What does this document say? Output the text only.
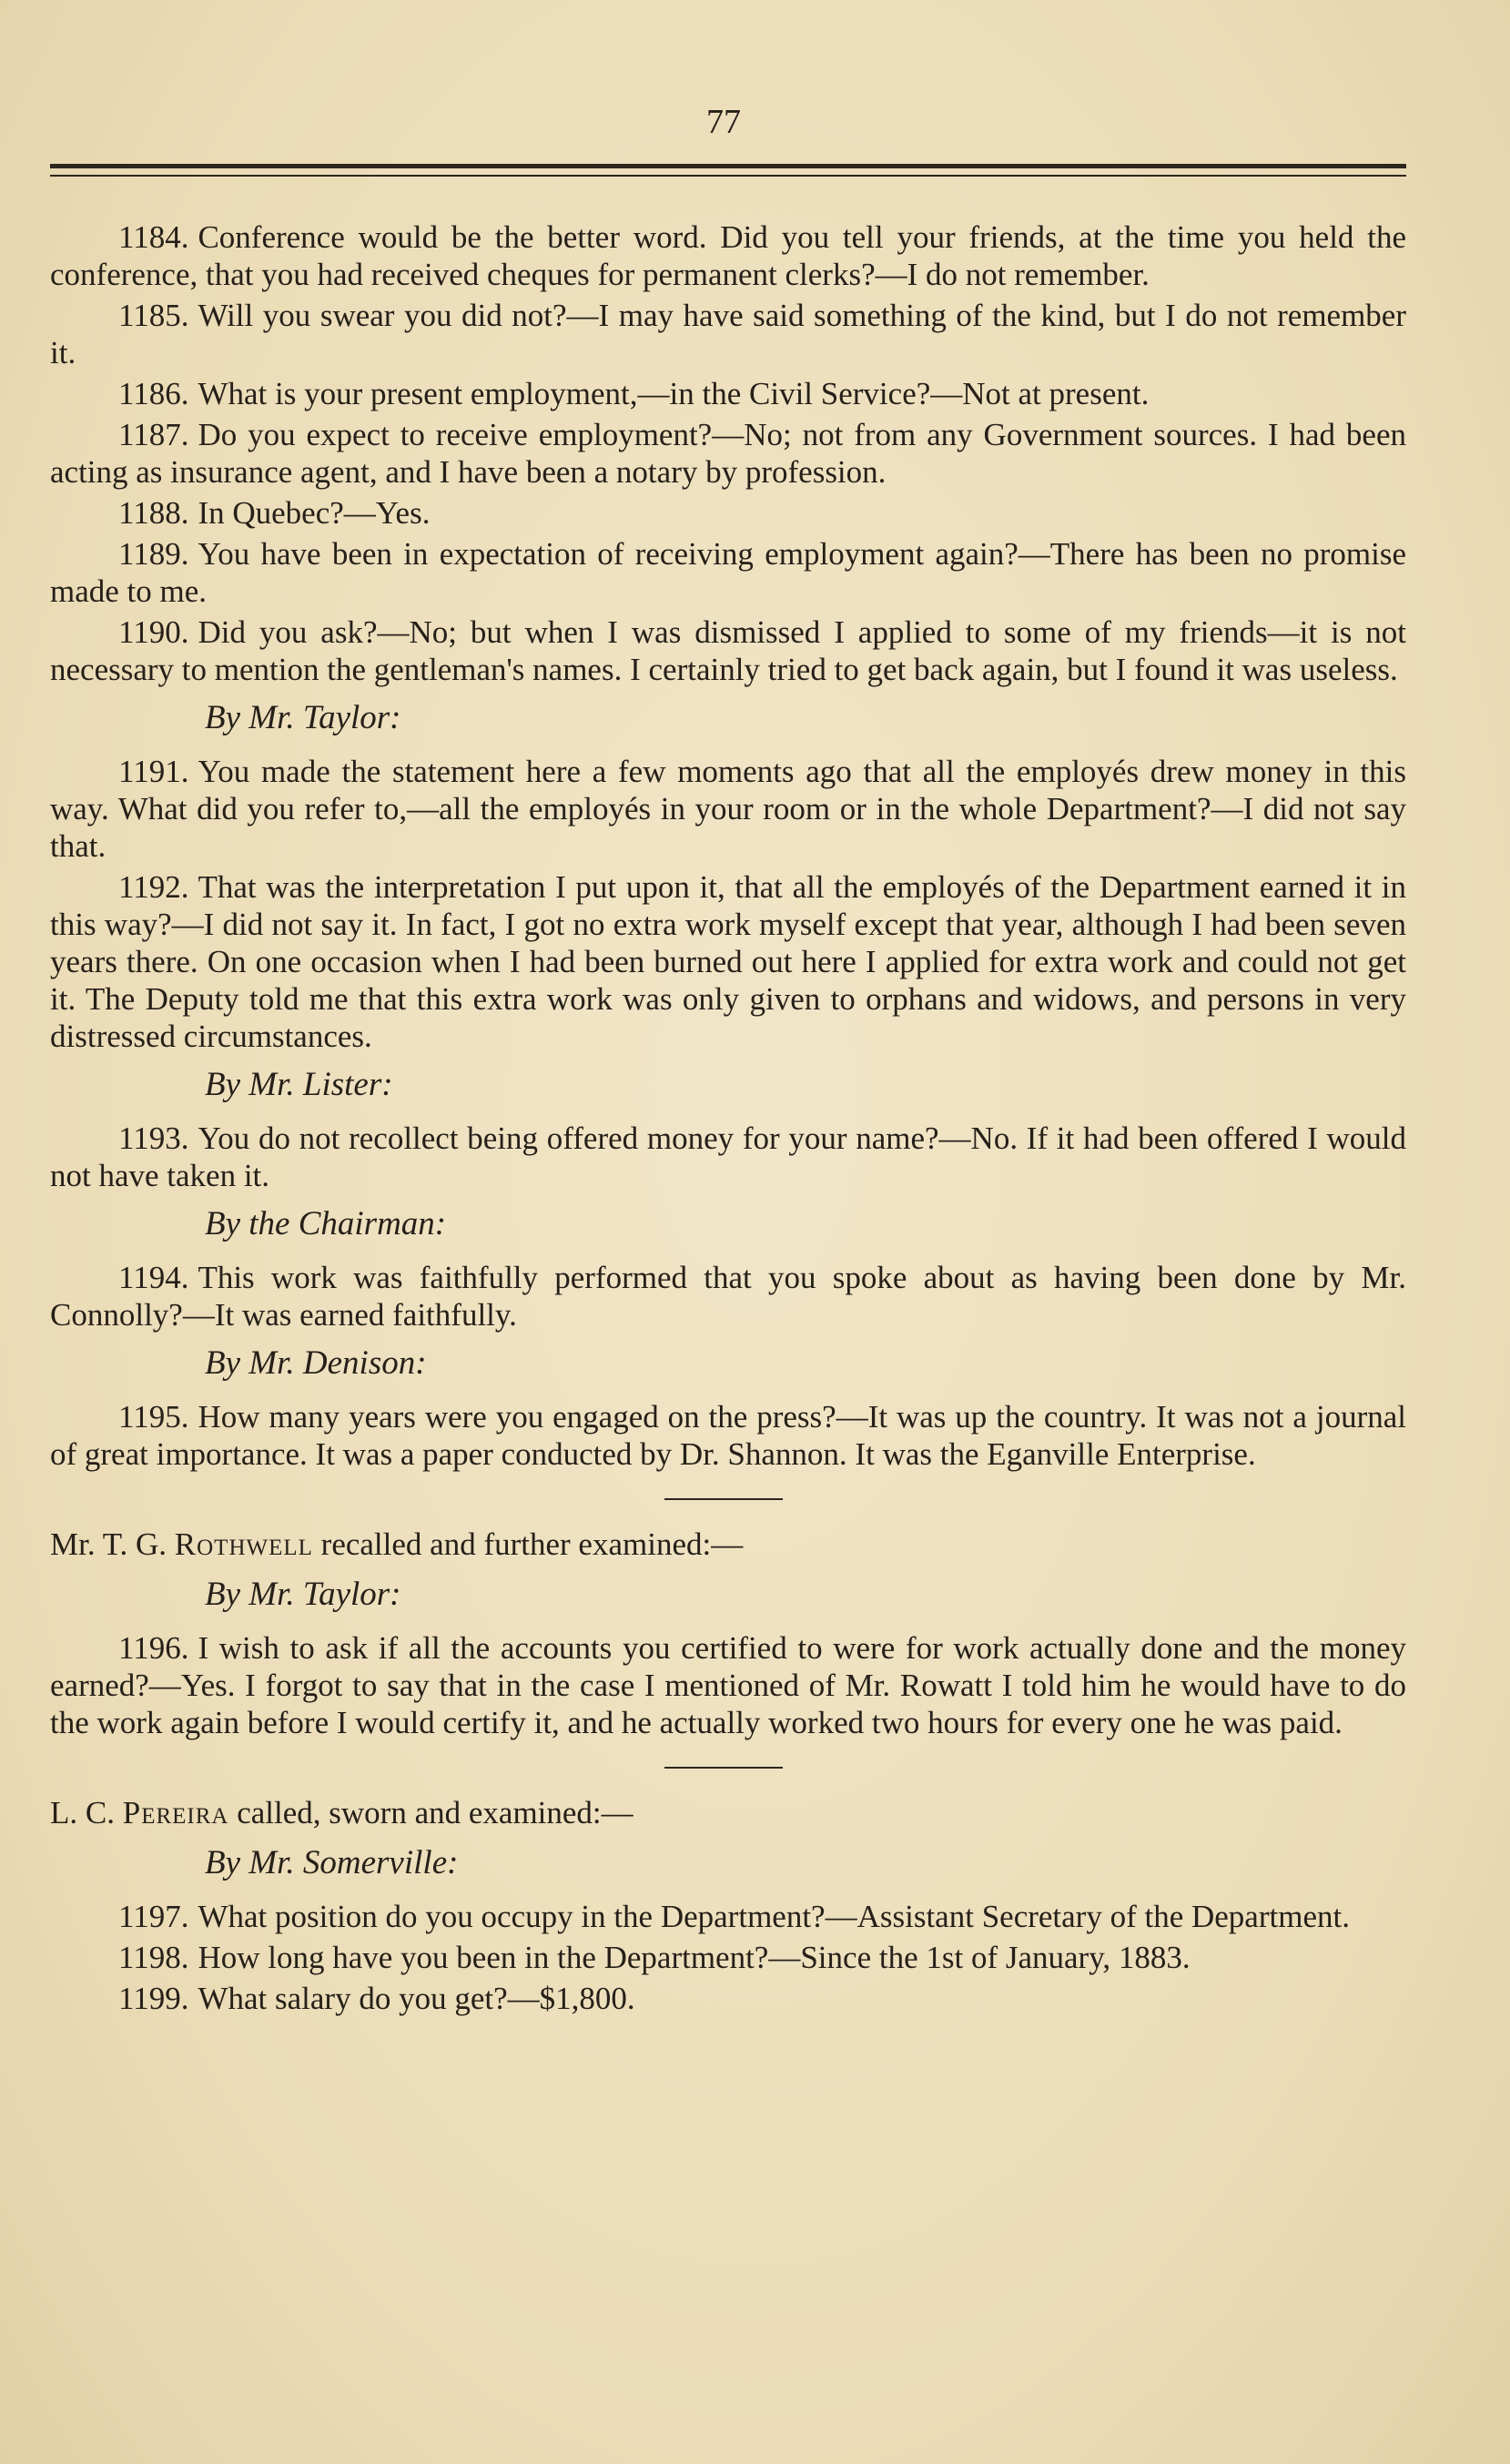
77

1184. Conference would be the better word. Did you tell your friends, at the time you held the conference, that you had received cheques for permanent clerks? — I do not remember.

1185. Will you swear you did not? — I may have said something of the kind, but I do not remember it.

1186. What is your present employment,—in the Civil Service? — Not at present.

1187. Do you expect to receive employment? — No; not from any Government sources. I had been acting as insurance agent, and I have been a notary by profession.

1188. In Quebec? — Yes.

1189. You have been in expectation of receiving employment again? — There has been no promise made to me.

1190. Did you ask? — No; but when I was dismissed I applied to some of my friends—it is not necessary to mention the gentleman's names. I certainly tried to get back again, but I found it was useless.

By Mr. Taylor:

1191. You made the statement here a few moments ago that all the employés drew money in this way. What did you refer to,—all the employés in your room or in the whole Department? — I did not say that.

1192. That was the interpretation I put upon it, that all the employés of the Department earned it in this way? — I did not say it. In fact, I got no extra work myself except that year, although I had been seven years there. On one occasion when I had been burned out here I applied for extra work and could not get it. The Deputy told me that this extra work was only given to orphans and widows, and persons in very distressed circumstances.

By Mr. Lister:

1193. You do not recollect being offered money for your name? — No. If it had been offered I would not have taken it.

By the Chairman:

1194. This work was faithfully performed that you spoke about as having been done by Mr. Connolly? — It was earned faithfully.

By Mr. Denison:

1195. How many years were you engaged on the press? — It was up the country. It was not a journal of great importance. It was a paper conducted by Dr. Shannon. It was the Eganville Enterprise.

Mr. T. G. Rothwell recalled and further examined:—

By Mr. Taylor:

1196. I wish to ask if all the accounts you certified to were for work actually done and the money earned? — Yes. I forgot to say that in the case I mentioned of Mr. Rowatt I told him he would have to do the work again before I would certify it, and he actually worked two hours for every one he was paid.

L. C. Pereira called, sworn and examined:—

By Mr. Somerville:

1197. What position do you occupy in the Department? — Assistant Secretary of the Department.

1198. How long have you been in the Department? — Since the 1st of January, 1883.

1199. What salary do you get? — $1,800.
